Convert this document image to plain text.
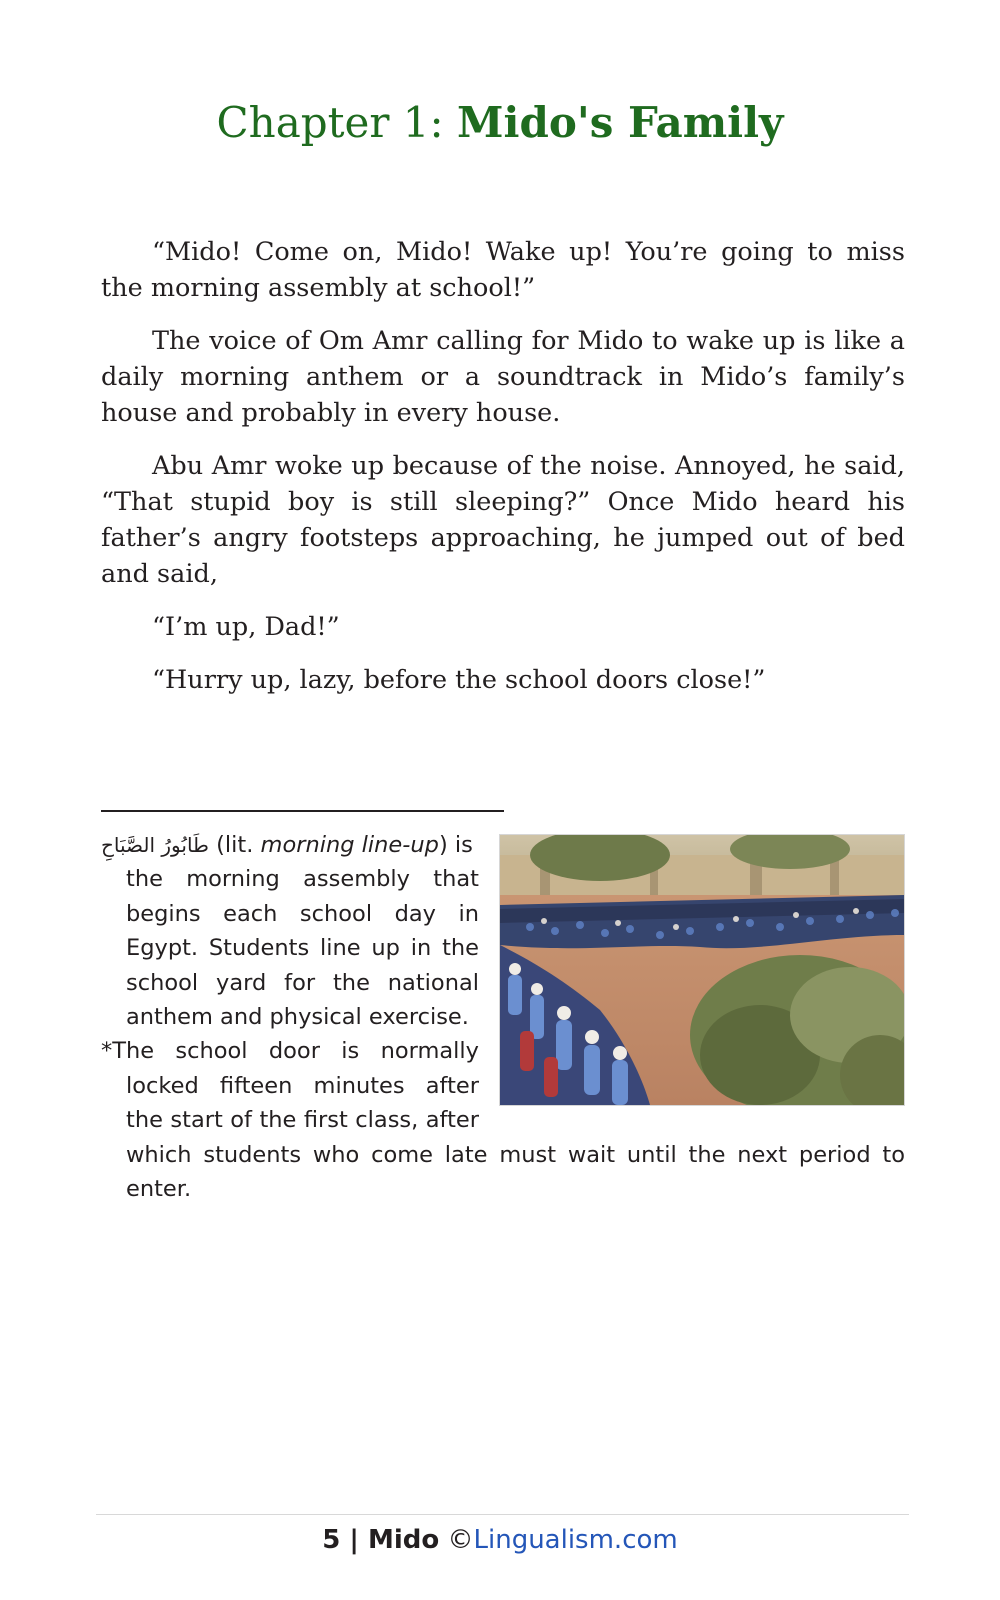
Chapter 1: Mido's Family

“Mido! Come on, Mido! Wake up! You’re going to miss the morning assembly at school!”

The voice of Om Amr calling for Mido to wake up is like a daily morning anthem or a soundtrack in Mido’s family’s house and probably in every house.

Abu Amr woke up because of the noise. Annoyed, he said, “That stupid boy is still sleeping?” Once Mido heard his father’s angry footsteps approaching, he jumped out of bed and said,

“I’m up, Dad!”

“Hurry up, lazy, before the school doors close!”

طَابُورُ الصَّبَاحِ (lit. morning line-up) is

the morning assembly that begins each school day in Egypt. Students line up in the school yard for the national anthem and physical exercise.

*The school door is normally locked fifteen minutes after the start of the first class, after which students who come late must wait until the next period to enter.

5 | Mido ©Lingualism.com
